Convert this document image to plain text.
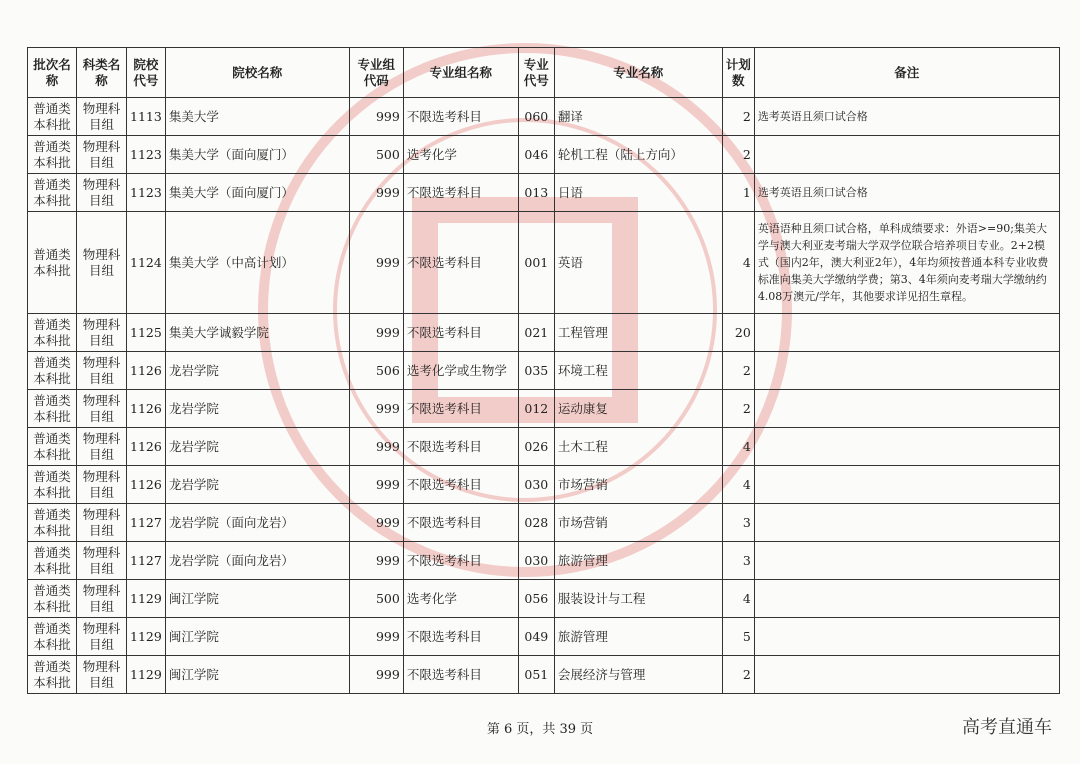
批次名称	科类名称	院校代号	院校名称	专业组代码	专业组名称	专业代号	专业名称	计划数	备注
普通类本科批	物理科目组	1113	集美大学	999	不限选考科目	060	翻译	2	选考英语且须口试合格
普通类本科批	物理科目组	1123	集美大学（面向厦门）	500	选考化学	046	轮机工程（陆上方向）	2	
普通类本科批	物理科目组	1123	集美大学（面向厦门）	999	不限选考科目	013	日语	1	选考英语且须口试合格
普通类本科批	物理科目组	1124	集美大学（中高计划）	999	不限选考科目	001	英语	4	英语语种且须口试合格，单科成绩要求：外语>=90;集美大学与澳大利亚麦考瑞大学双学位联合培养项目专业。2+2模式（国内2年，澳大利亚2年），4年均须按普通本科专业收费标准向集美大学缴纳学费；第3、4年须向麦考瑞大学缴纳约4.08万澳元/学年，其他要求详见招生章程。
普通类本科批	物理科目组	1125	集美大学诚毅学院	999	不限选考科目	021	工程管理	20	
普通类本科批	物理科目组	1126	龙岩学院	506	选考化学或生物学	035	环境工程	2	
普通类本科批	物理科目组	1126	龙岩学院	999	不限选考科目	012	运动康复	2	
普通类本科批	物理科目组	1126	龙岩学院	999	不限选考科目	026	土木工程	4	
普通类本科批	物理科目组	1126	龙岩学院	999	不限选考科目	030	市场营销	4	
普通类本科批	物理科目组	1127	龙岩学院（面向龙岩）	999	不限选考科目	028	市场营销	3	
普通类本科批	物理科目组	1127	龙岩学院（面向龙岩）	999	不限选考科目	030	旅游管理	3	
普通类本科批	物理科目组	1129	闽江学院	500	选考化学	056	服装设计与工程	4	
普通类本科批	物理科目组	1129	闽江学院	999	不限选考科目	049	旅游管理	5	
普通类本科批	物理科目组	1129	闽江学院	999	不限选考科目	051	会展经济与管理	2	
第 6 页，共 39 页	高考直通车
